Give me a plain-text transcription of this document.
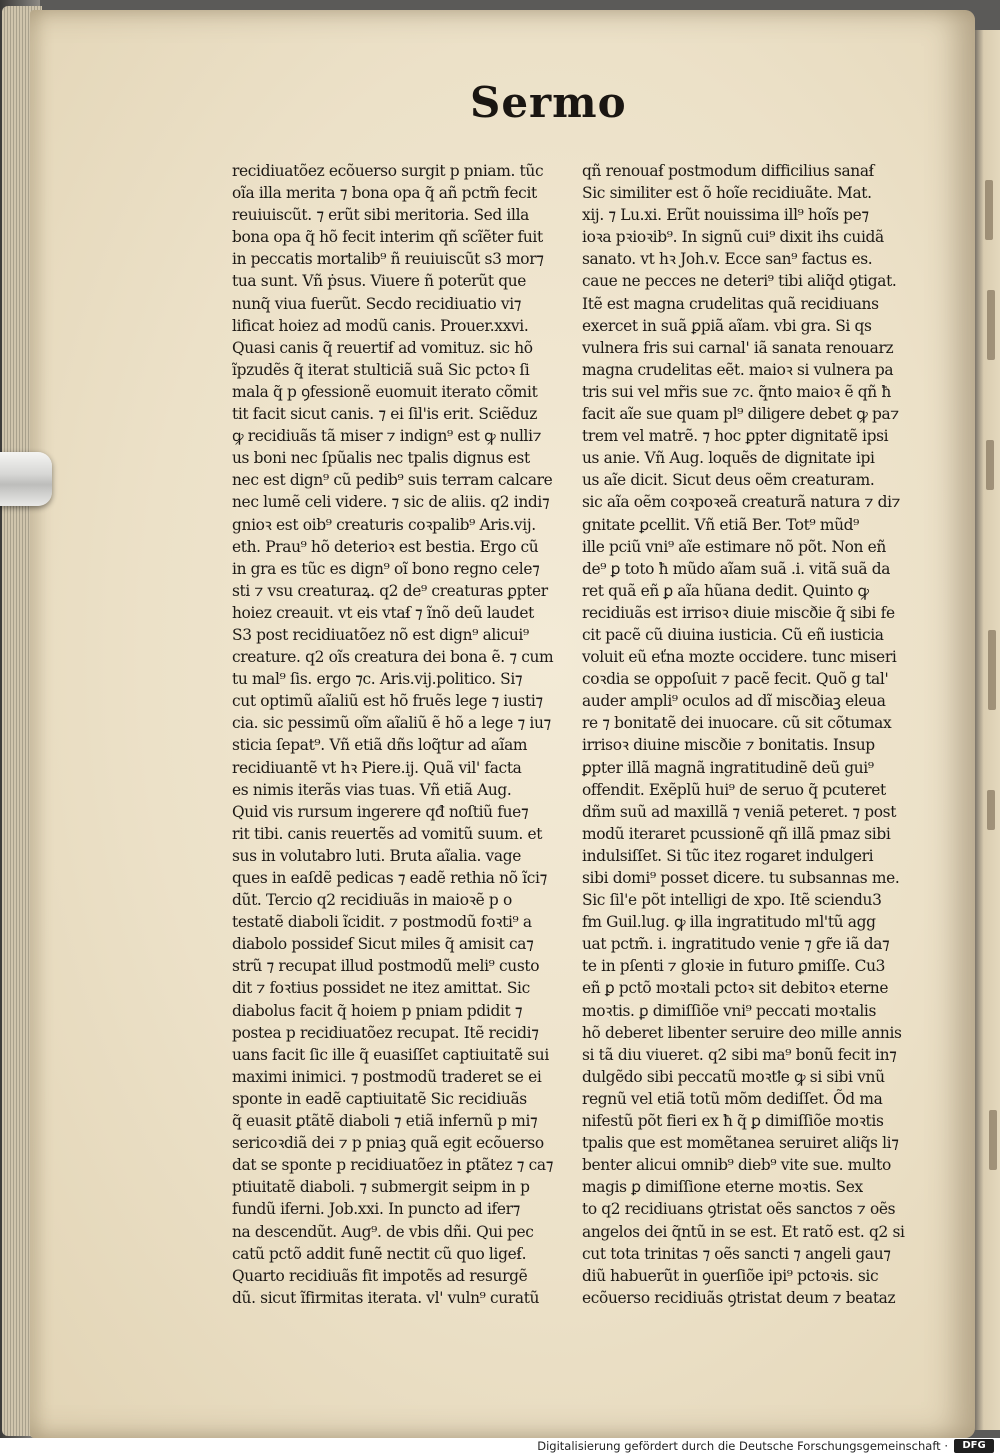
Sermo
recidiuatõez ecõuerso surgit p pniam. tũc
oĩa illa merita ⁊ bona opa q̃ añ pctm̃ fecit
reuiuiscũt. ⁊ erũt sibi meritoria. Sed illa
bona opa q̃ hõ fecit interim qñ scĩẽter fuit
in peccatis mortalib⁹ ñ reuiuiscũt s3 mor⁊
tua sunt. Vñ ṗsus. Viuere ñ poterũt que
nunq̃ viua fuerũt. Secdo recidiuatio vi⁊
lificat hoiez ad modũ canis. Prouer.xxvi.
Quasi canis q̃ reuertiẜ ad vomituz. sic hõ
ĩpzudẽs q̃ iterat stulticiã suã Sic pctoꝛ ſi
mala q̃ p ꝯfessionẽ euomuit iterato cõmit
tit facit sicut canis. ⁊ ei ſil'is erit. Sciẽduz
ꝙ recidiuãs tã miser ⁊ indign⁹ est ꝙ nulli⁊
us boni nec ſpũalis nec tpalis dignus est
nec est dign⁹ cũ pedib⁹ suis terram calcare
nec lumẽ celi videre. ⁊ sic de aliis. q2 indi⁊
gnioꝛ est oib⁹ creaturis coꝛpalib⁹ Aris.vij.
eth. Prau⁹ hõ deterioꝛ est bestia. Ergo cũ
in gra es tũc es dign⁹ oĩ bono regno cele⁊
sti ⁊ vsu creaturaꝝ. q2 de⁹ creaturas ꝑpter
hoiez creauit. vt eis vtaẜ ⁊ ĩnõ deũ laudet
S3 post recidiuatõez nõ est dign⁹ alicui⁹
creature. q2 oĩs creatura dei bona ẽ. ⁊ cum
tu mal⁹ ſis. ergo ⁊c. Aris.vij.politico. Si⁊
cut optimũ aĩaliũ est hõ fruẽs lege ⁊ iusti⁊
cia. sic pessimũ oĩm aĩaliũ ẽ hõ a lege ⁊ iu⁊
sticia ſepat⁹. Vñ etiã dñs loq̃tur ad aĩam
recidiuantẽ vt hꝛ Piere.ij. Quã vil' facta
es nimis iterãs vias tuas. Vñ etiã Aug.
Quid vis rursum ingerere qđ noſtiũ fue⁊
rit tibi. canis reuertẽs ad vomitũ suum. et
sus in volutabro luti. Bruta aĩalia. vage
ques in eaſdẽ pedicas ⁊ eadẽ rethia nõ ĩci⁊
dũt. Tercio q2 recidiuãs in maioꝛẽ p o
testatẽ diaboli ĩcidit. ⁊ postmodũ foꝛti⁹ a
diabolo possideẜ Sicut miles q̃ amisit ca⁊
strũ ⁊ recupat illud postmodũ meli⁹ custo
dit ⁊ foꝛtius possidet ne itez amittat. Sic
diabolus facit q̃ hoiem p pniam pdidit ⁊
postea p recidiuatõez recupat. Itẽ recidi⁊
uans facit ſic ille q̃ euasiſſet captiuitatẽ sui
maximi inimici. ⁊ postmodũ traderet se ei
sponte in eadẽ captiuitatẽ Sic recidiuãs
q̃ euasit ꝑtãtẽ diaboli ⁊ etiã infernũ p mi⁊
sericoꝛdiã dei ⁊ p pniaꝫ quã egit ecõuerso
dat se sponte p recidiuatõez in ꝑtãtez ⁊ ca⁊
ptiuitatẽ diaboli. ⁊ submergit seipm in p
fundũ iferni. Job.xxi. In puncto ad ifer⁊
na descendũt. Aug⁹. de vbis dñi. Qui pec
catũ pctõ addit funẽ nectit cũ quo ligeẜ.
Quarto recidiuãs fit impotẽs ad resurgẽ
dũ. sicut ĩfirmitas iterata. vl' vuln⁹ curatũ
qñ renouaẜ postmodum difficilius sanaẜ
Sic similiter est õ hoĩe recidiuãte. Mat.
xij. ⁊ Lu.xi. Erũt nouissima ill⁹ hoĩs pe⁊
ioꝛa pꝛioꝛib⁹. In signũ cui⁹ dixit ihs cuidã
sanato. vt hꝛ Joh.v. Ecce san⁹ factus es.
caue ne pecces ne deteri⁹ tibi aliq̃d ꝯtigat.
Itẽ est magna crudelitas quã recidiuans
exercet in suã ꝑpiã aĩam. vbi gra. Si qs
vulnera fris sui carnal' iã sanata renouarz
magna crudelitas eẽt. maioꝛ si vulnera pa
tris sui vel mr̃is sue ⁊c. q̃nto maioꝛ ẽ qñ ħ
facit aĩe sue quam pl⁹ diligere debet ꝙ pa⁊
trem vel matrẽ. ⁊ hoc ꝑpter dignitatẽ ipsi
us anie. Vñ Aug. loquẽs de dignitate ipi
us aĩe dicit. Sicut deus oẽm creaturam.
sic aĩa oẽm coꝛpoꝛeã creaturã natura ⁊ di⁊
gnitate ꝑcellit. Vñ etiã Ber. Tot⁹ mũd⁹
ille pciũ vni⁹ aĩe estimare nõ põt. Non eñ
de⁹ ꝑ toto ħ mũdo aĩam suã .i. vitã suã da
ret quã eñ ꝑ aĩa hũana dedit. Quinto ꝙ
recidiuãs est irrisoꝛ diuie miscðie q̃ sibi fe
cit pacẽ cũ diuina iusticia. Cũ eñ iusticia
voluit eũ eťna mozte occidere. tunc miseri
coꝛdia se oppoſuit ⁊ pacẽ fecit. Quõ g tal'
auder ampli⁹ oculos ad dĩ miscðiaꝫ eleua
re ⁊ bonitatẽ dei inuocare. cũ sit cõtumax
irrisoꝛ diuine miscðie ⁊ bonitatis. Insup
ꝑpter illã magnã ingratitudinẽ deũ gui⁹
offendit. Exẽplũ hui⁹ de seruo q̃ pcuteret
dñm suũ ad maxillã ⁊ veniã peteret. ⁊ post
modũ iteraret pcussionẽ qñ illã pmaz sibi
indulsiſſet. Si tũc itez rogaret indulgeri
sibi domi⁹ posset dicere. tu subsannas me.
Sic ſil'e põt intelligi de xpo. Itẽ sciendu3
fm Guil.lug. ꝙ illa ingratitudo ml'tũ agg
uat pctm̃. i. ingratitudo venie ⁊ gr̃e iã da⁊
te in pſenti ⁊ gloꝛie in futuro ꝑmiſſe. Cu3
eñ ꝑ pctõ moꝛtali pctoꝛ sit debitoꝛ eterne
moꝛtis. ꝑ dimiſſiõe vni⁹ peccati moꝛtalis
hõ deberet libenter seruire deo mille annis
si tã diu viueret. q2 sibi ma⁹ bonũ fecit in⁊
dulgẽdo sibi peccatũ moꝛtꝉe ꝙ si sibi vnũ
regnũ vel etiã totũ mõm dediſſet. Õd ma
nifestũ põt fieri ex ħ q̃ ꝑ dimiſſiõe moꝛtis
tpalis que est momẽtanea seruiret aliq̃s li⁊
benter alicui omnib⁹ dieb⁹ vite sue. multo
magis ꝑ dimiſſione eterne moꝛtis. Sex
to q2 recidiuans ꝯtristat oẽs sanctos ⁊ oẽs
angelos dei q̃ntũ in se est. Et ratõ est. q2 si
cut tota trinitas ⁊ oẽs sancti ⁊ angeli gau⁊
diũ habuerũt in ꝯuerſiõe ipi⁹ pctoꝛis. sic
ecõuerso recidiuãs ꝯtristat deum ⁊ beataz
Digitalisierung gefördert durch die Deutsche Forschungsgemeinschaft ·	DFG
